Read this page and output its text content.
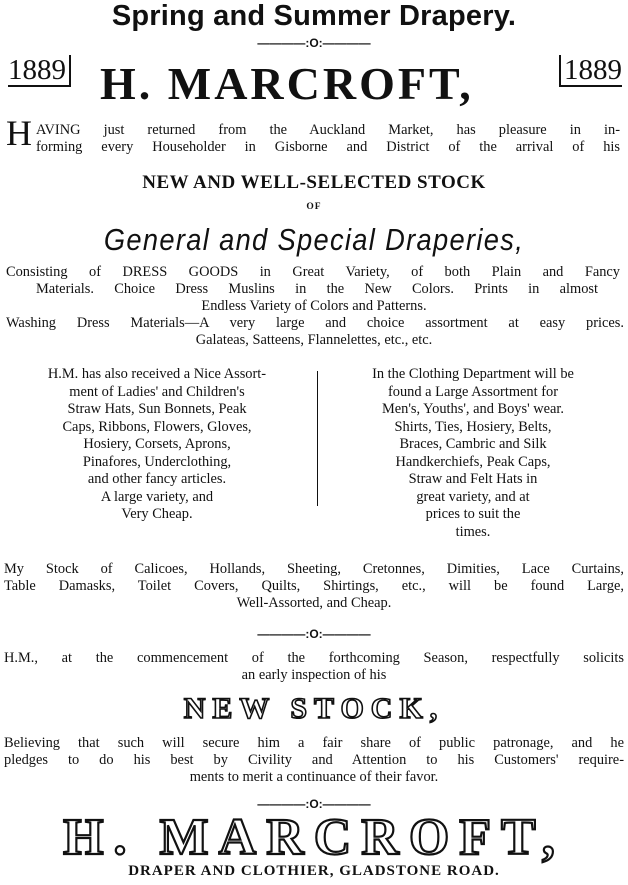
Spring and Summer Drapery.
————:O:————
1889 H. MARCROFT,	1889
H AVING just returned from the Auckland Market, has pleasure in in-
forming every Householder in Gisborne and District of the arrival of his
NEW AND WELL-SELECTED STOCK
OF
General and Special Draperies,
Consisting of DRESS GOODS in Great Variety, of both Plain and Fancy
Materials. Choice Dress Muslins in the New Colors. Prints in almost
Endless Variety of Colors and Patterns.
Washing Dress Materials—A very large and choice assortment at easy prices.
Galateas, Satteens, Flannelettes, etc., etc.
H.M. has also received a Nice Assort-
ment of Ladies' and Children's
Straw Hats, Sun Bonnets, Peak
Caps, Ribbons, Flowers, Gloves,
Hosiery, Corsets, Aprons,
Pinafores, Underclothing,
and other fancy articles.
A large variety, and
Very Cheap.
In the Clothing Department will be
found a Large Assortment for
Men's, Youths', and Boys' wear.
Shirts, Ties, Hosiery, Belts,
Braces, Cambric and Silk
Handkerchiefs, Peak Caps,
Straw and Felt Hats in
great variety, and at
prices to suit the
times.
My Stock of Calicoes, Hollands, Sheeting, Cretonnes, Dimities, Lace Curtains,
Table Damasks, Toilet Covers, Quilts, Shirtings, etc., will be found Large,
Well-Assorted, and Cheap.
————:O:————
H.M., at the commencement of the forthcoming Season, respectfully solicits
an early inspection of his
NEW STOCK,
Believing that such will secure him a fair share of public patronage, and he
pledges to do his best by Civility and Attention to his Customers' require-
ments to merit a continuance of their favor.
————:O:————
H. MARCROFT,
DRAPER AND CLOTHIER, GLADSTONE ROAD.
